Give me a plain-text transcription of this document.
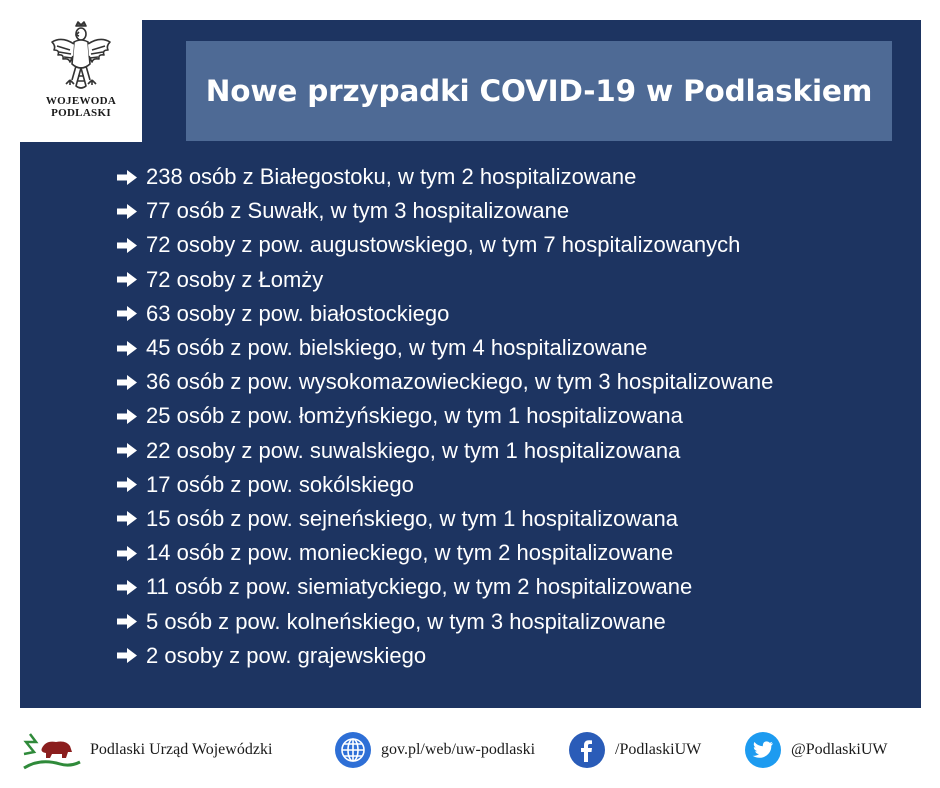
WOJEWODA
PODLASKI
Nowe przypadki COVID-19 w Podlaskiem
238 osób z Białegostoku, w tym 2 hospitalizowane
77 osób z Suwałk, w tym 3 hospitalizowane
72 osoby z pow. augustowskiego, w tym 7 hospitalizowanych
72 osoby z Łomży
63 osoby z pow. białostockiego
45 osób z pow. bielskiego, w tym 4 hospitalizowane
36 osób z pow. wysokomazowieckiego, w tym 3 hospitalizowane
25 osób z pow. łomżyńskiego, w tym 1 hospitalizowana
22 osoby z pow. suwalskiego, w tym 1 hospitalizowana
17 osób z pow. sokólskiego
15 osób z pow. sejneńskiego, w tym 1 hospitalizowana
14 osób z pow. monieckiego, w tym 2 hospitalizowane
11 osób z pow. siemiatyckiego, w tym 2 hospitalizowane
5 osób z pow. kolneńskiego, w tym 3 hospitalizowane
2 osoby z pow. grajewskiego
Podlaski Urząd Wojewódzki	gov.pl/web/uw-podlaski	/PodlaskiUW	@PodlaskiUW
